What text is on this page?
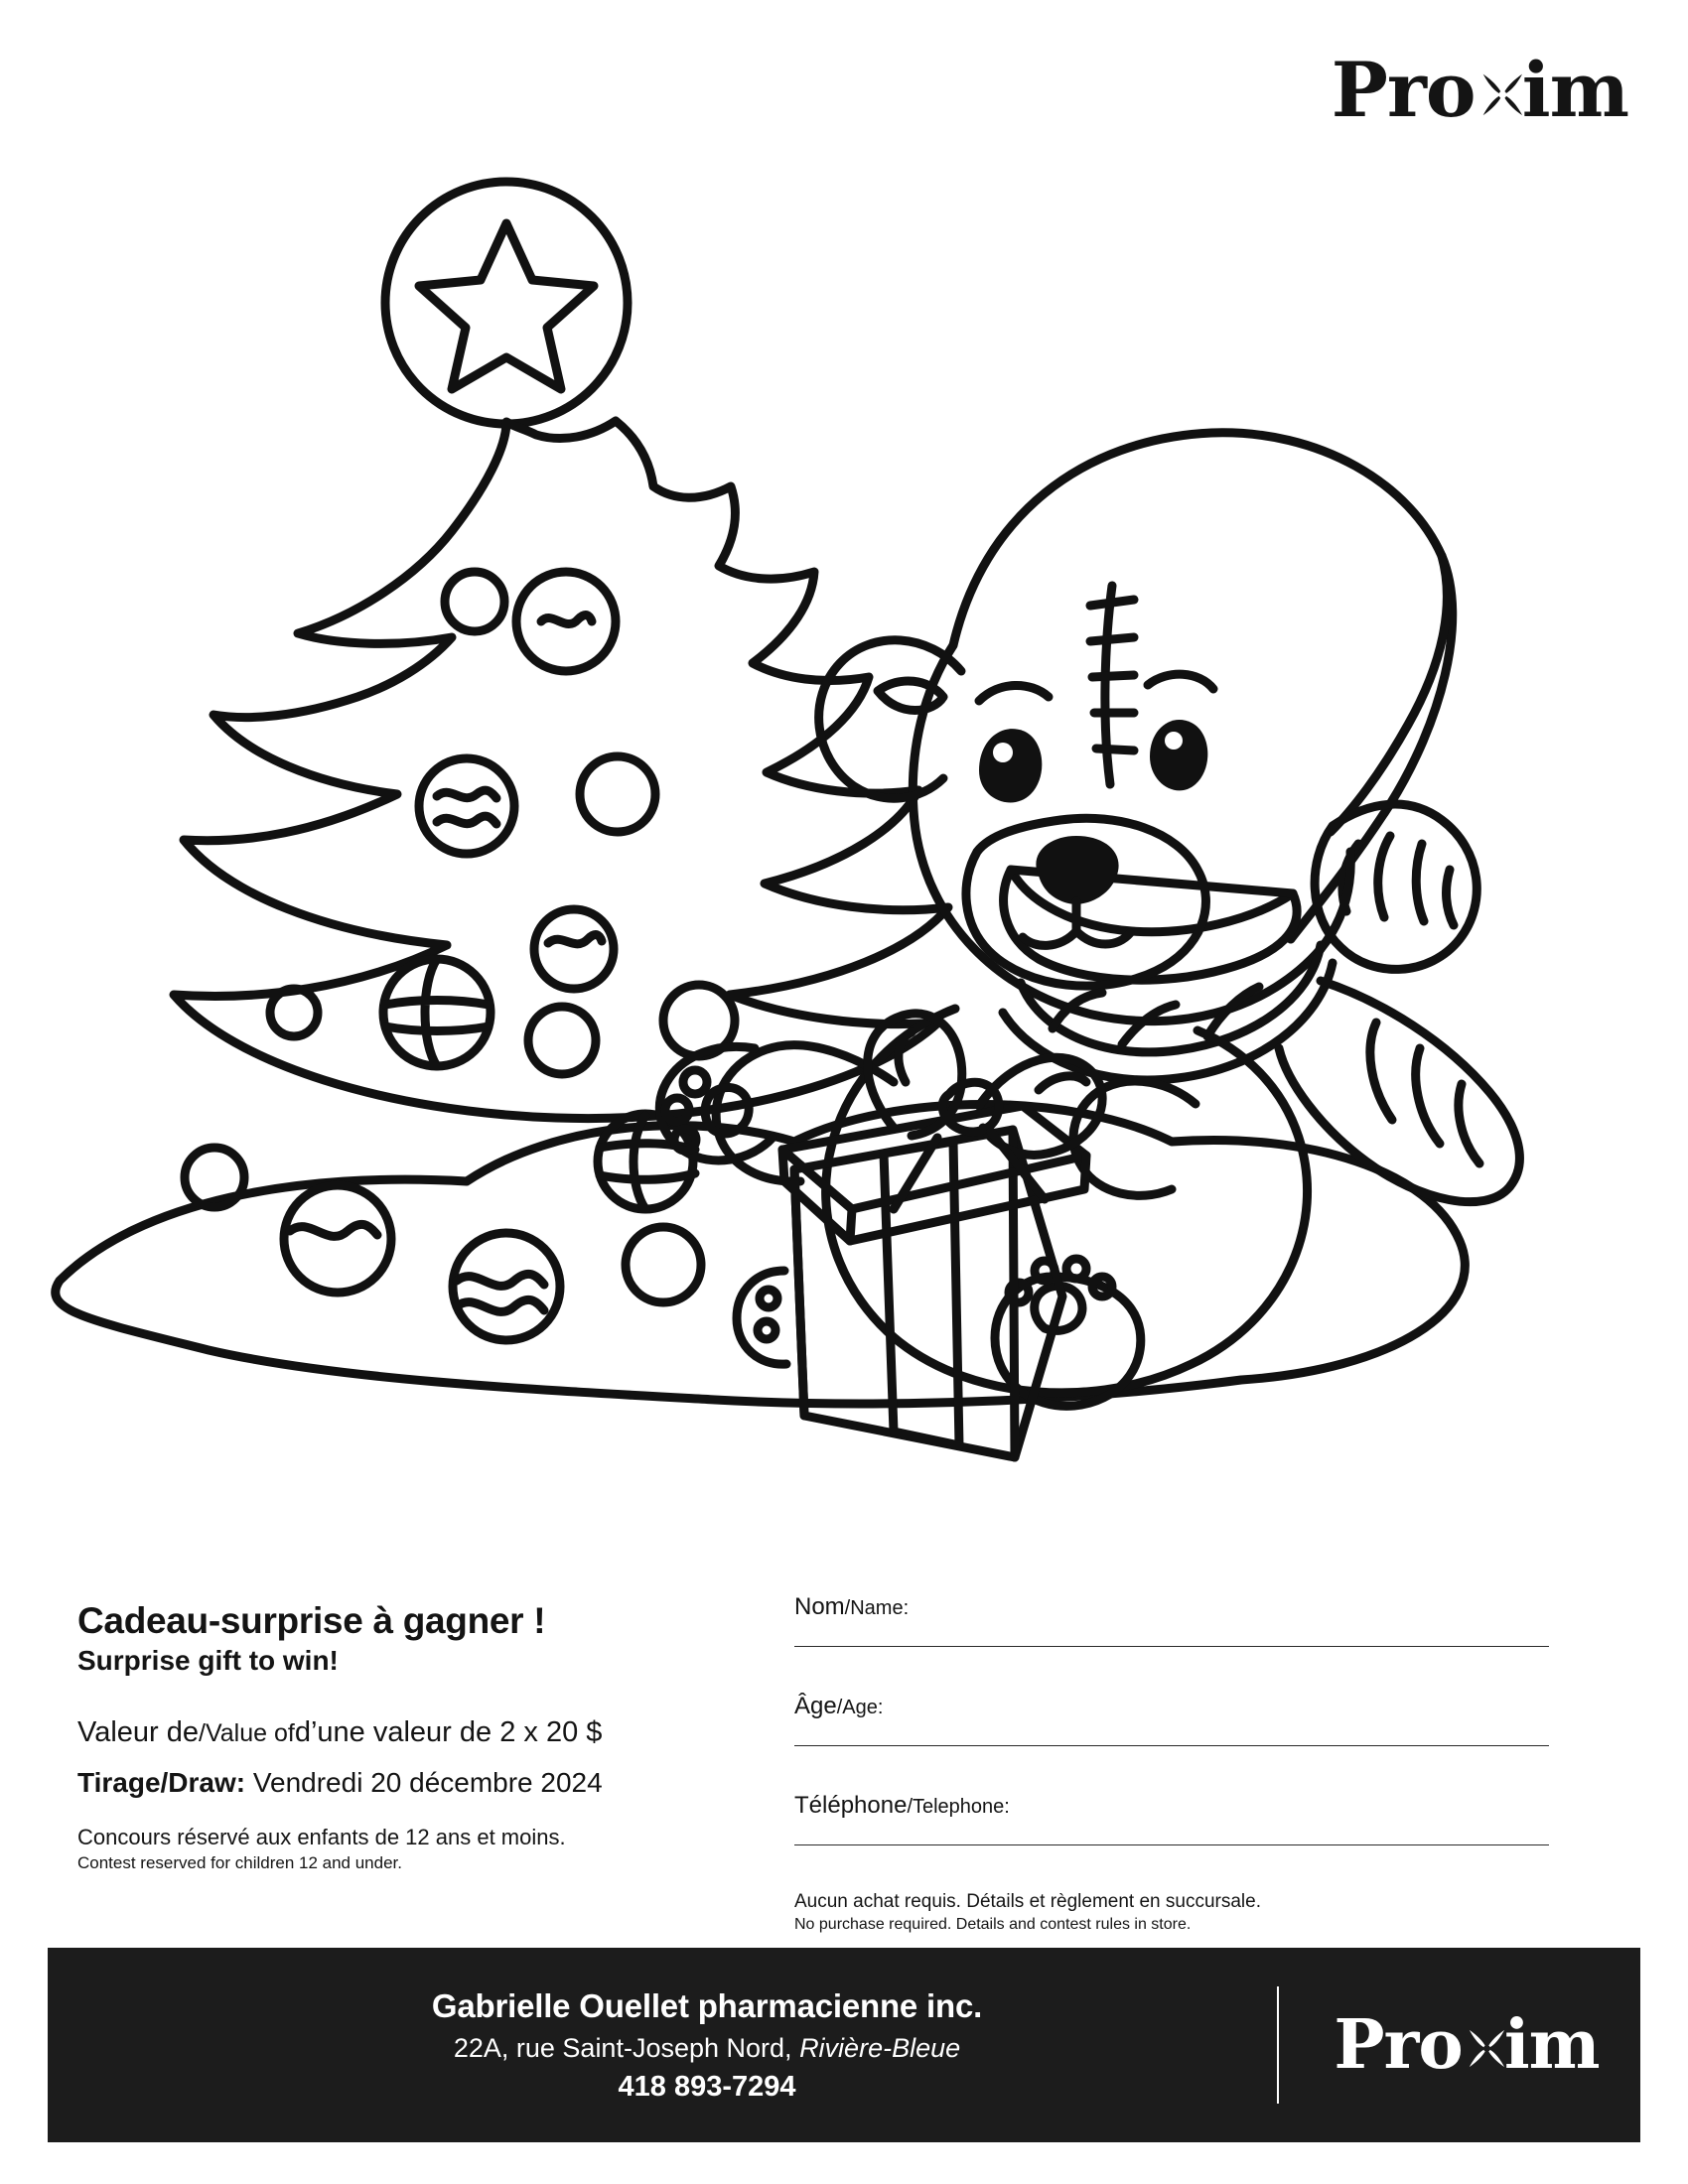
Pro im
Cadeau-surprise à gagner !
Surprise gift to win!
Valeur de/Value ofd’une valeur de 2 x 20 $
Tirage/Draw: Vendredi 20 décembre 2024
Concours réservé aux enfants de 12 ans et moins.
Contest reserved for children 12 and under.
Nom/Name:
Âge/Age:
Téléphone/Telephone:
Aucun achat requis. Détails et règlement en succursale.
No purchase required. Details and contest rules in store.
Gabrielle Ouellet pharmacienne inc.
22A, rue Saint-Joseph Nord, Rivière-Bleue
418 893-7294
Pro im
